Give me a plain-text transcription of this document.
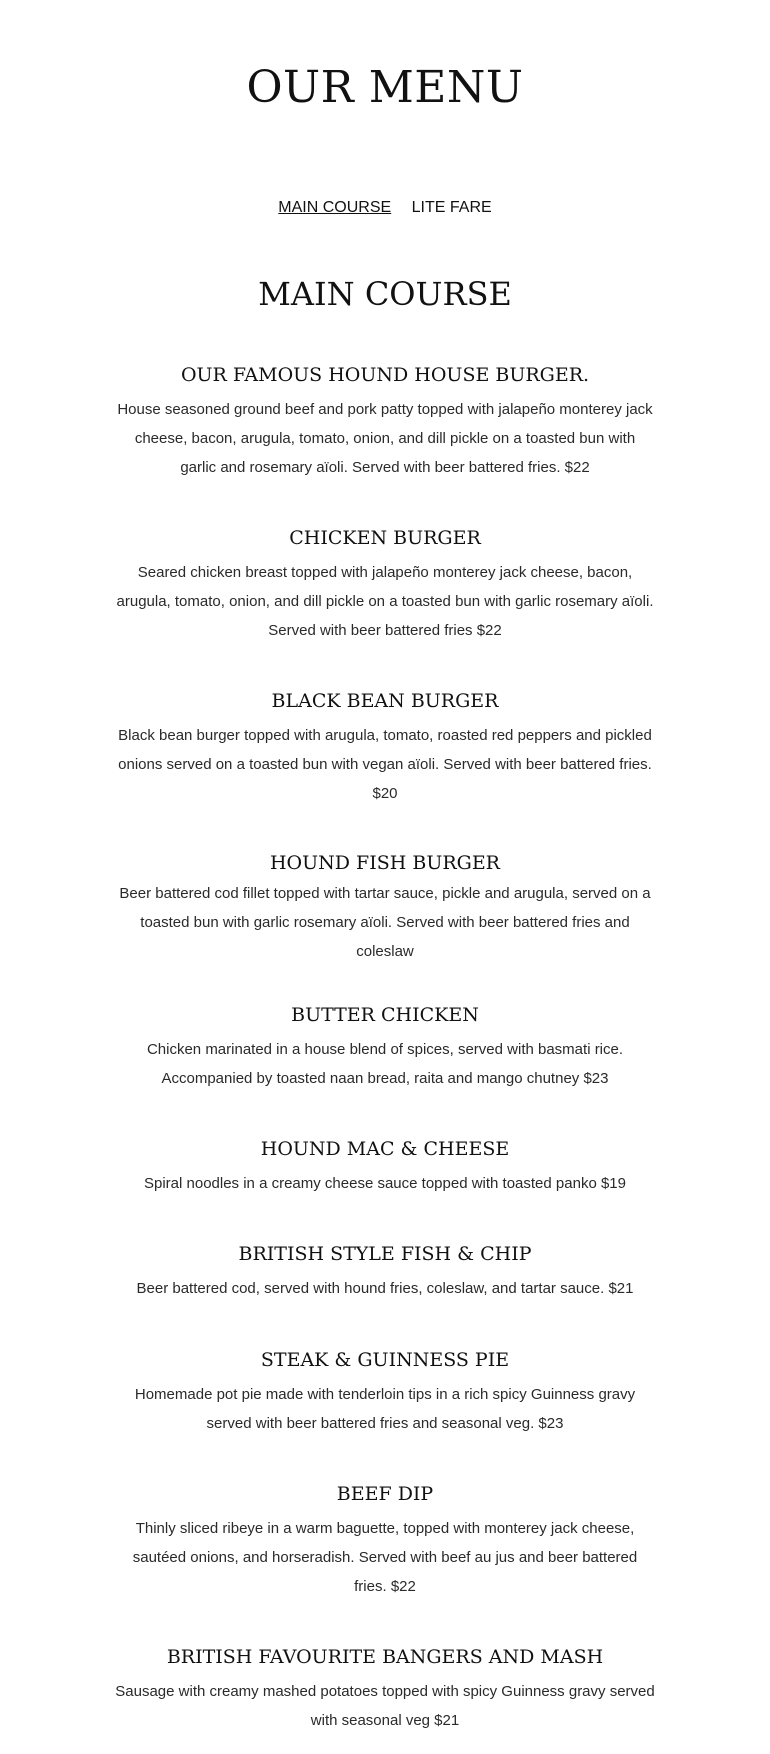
OUR MENU
MAIN COURSE LITE FARE
MAIN COURSE
OUR FAMOUS HOUND HOUSE BURGER.

House seasoned ground beef and pork patty topped with jalapeño monterey jack cheese, bacon, arugula, tomato, onion, and dill pickle on a toasted bun with garlic and rosemary aïoli. Served with beer battered fries. $22

CHICKEN BURGER

Seared chicken breast topped with jalapeño monterey jack cheese, bacon, arugula, tomato, onion, and dill pickle on a toasted bun with garlic rosemary aïoli. Served with beer battered fries $22

BLACK BEAN BURGER

Black bean burger topped with arugula, tomato, roasted red peppers and pickled onions served on a toasted bun with vegan aïoli. Served with beer battered fries. $20

HOUND FISH BURGER

Beer battered cod fillet topped with tartar sauce, pickle and arugula, served on a toasted bun with garlic rosemary aïoli. Served with beer battered fries and coleslaw

BUTTER CHICKEN

Chicken marinated in a house blend of spices, served with basmati rice. Accompanied by toasted naan bread, raita and mango chutney $23

HOUND MAC & CHEESE

Spiral noodles in a creamy cheese sauce topped with toasted panko $19

BRITISH STYLE FISH & CHIP

Beer battered cod, served with hound fries, coleslaw, and tartar sauce. $21

STEAK & GUINNESS PIE

Homemade pot pie made with tenderloin tips in a rich spicy Guinness gravy served with beer battered fries and seasonal veg. $23

BEEF DIP

Thinly sliced ribeye in a warm baguette, topped with monterey jack cheese, sautéed onions, and horseradish. Served with beef au jus and beer battered fries. $22

BRITISH FAVOURITE BANGERS AND MASH

Sausage with creamy mashed potatoes topped with spicy Guinness gravy served with seasonal veg $21
